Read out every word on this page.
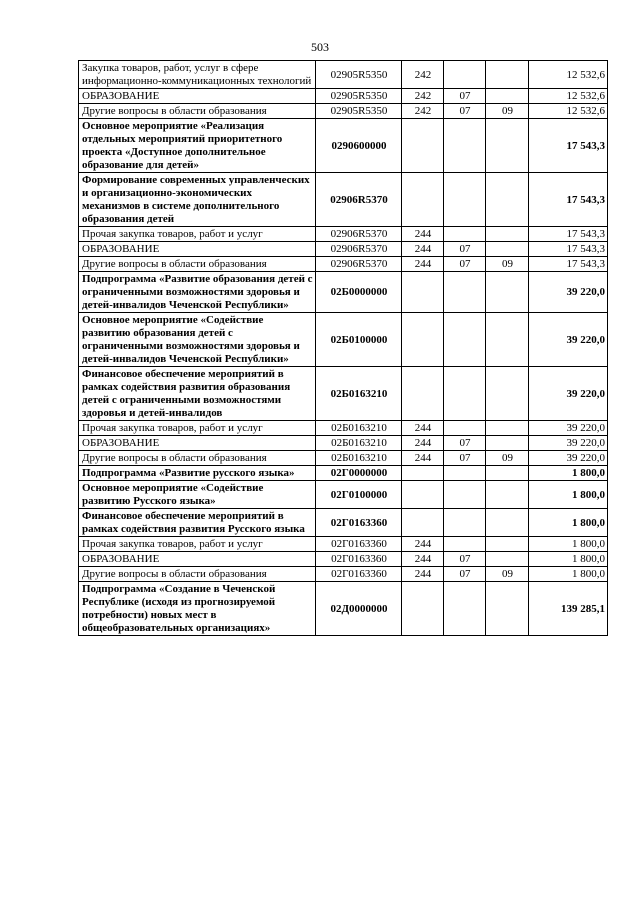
503
Закупка товаров, работ, услуг в сфере информационно-коммуникационных технологий	02905R5350	242			12 532,6
ОБРАЗОВАНИЕ	02905R5350	242	07		12 532,6
Другие вопросы в области образования	02905R5350	242	07	09	12 532,6
Основное мероприятие «Реализация отдельных мероприятий приоритетного проекта «Доступное дополнительное образование для детей»	0290600000				17 543,3
Формирование современных управленческих и организационно-экономических механизмов в системе дополнительного образования детей	02906R5370				17 543,3
Прочая закупка товаров, работ и услуг	02906R5370	244			17 543,3
ОБРАЗОВАНИЕ	02906R5370	244	07		17 543,3
Другие вопросы в области образования	02906R5370	244	07	09	17 543,3
Подпрограмма «Развитие образования детей с ограниченными возможностями здоровья и детей-инвалидов Чеченской Республики»	02Б0000000				39 220,0
Основное мероприятие «Содействие развитию образования детей с ограниченными возможностями здоровья и детей-инвалидов Чеченской Республики»	02Б0100000				39 220,0
Финансовое обеспечение мероприятий в рамках содействия развития образования детей с ограниченными возможностями здоровья и детей-инвалидов	02Б0163210				39 220,0
Прочая закупка товаров, работ и услуг	02Б0163210	244			39 220,0
ОБРАЗОВАНИЕ	02Б0163210	244	07		39 220,0
Другие вопросы в области образования	02Б0163210	244	07	09	39 220,0
Подпрограмма «Развитие русского языка»	02Г0000000				1 800,0
Основное мероприятие «Содействие развитию Русского языка»	02Г0100000				1 800,0
Финансовое обеспечение мероприятий в рамках содействия развития Русского языка	02Г0163360				1 800,0
Прочая закупка товаров, работ и услуг	02Г0163360	244			1 800,0
ОБРАЗОВАНИЕ	02Г0163360	244	07		1 800,0
Другие вопросы в области образования	02Г0163360	244	07	09	1 800,0
Подпрограмма «Создание в Чеченской Республике (исходя из прогнозируемой потребности) новых мест в общеобразовательных организациях»	02Д0000000				139 285,1
